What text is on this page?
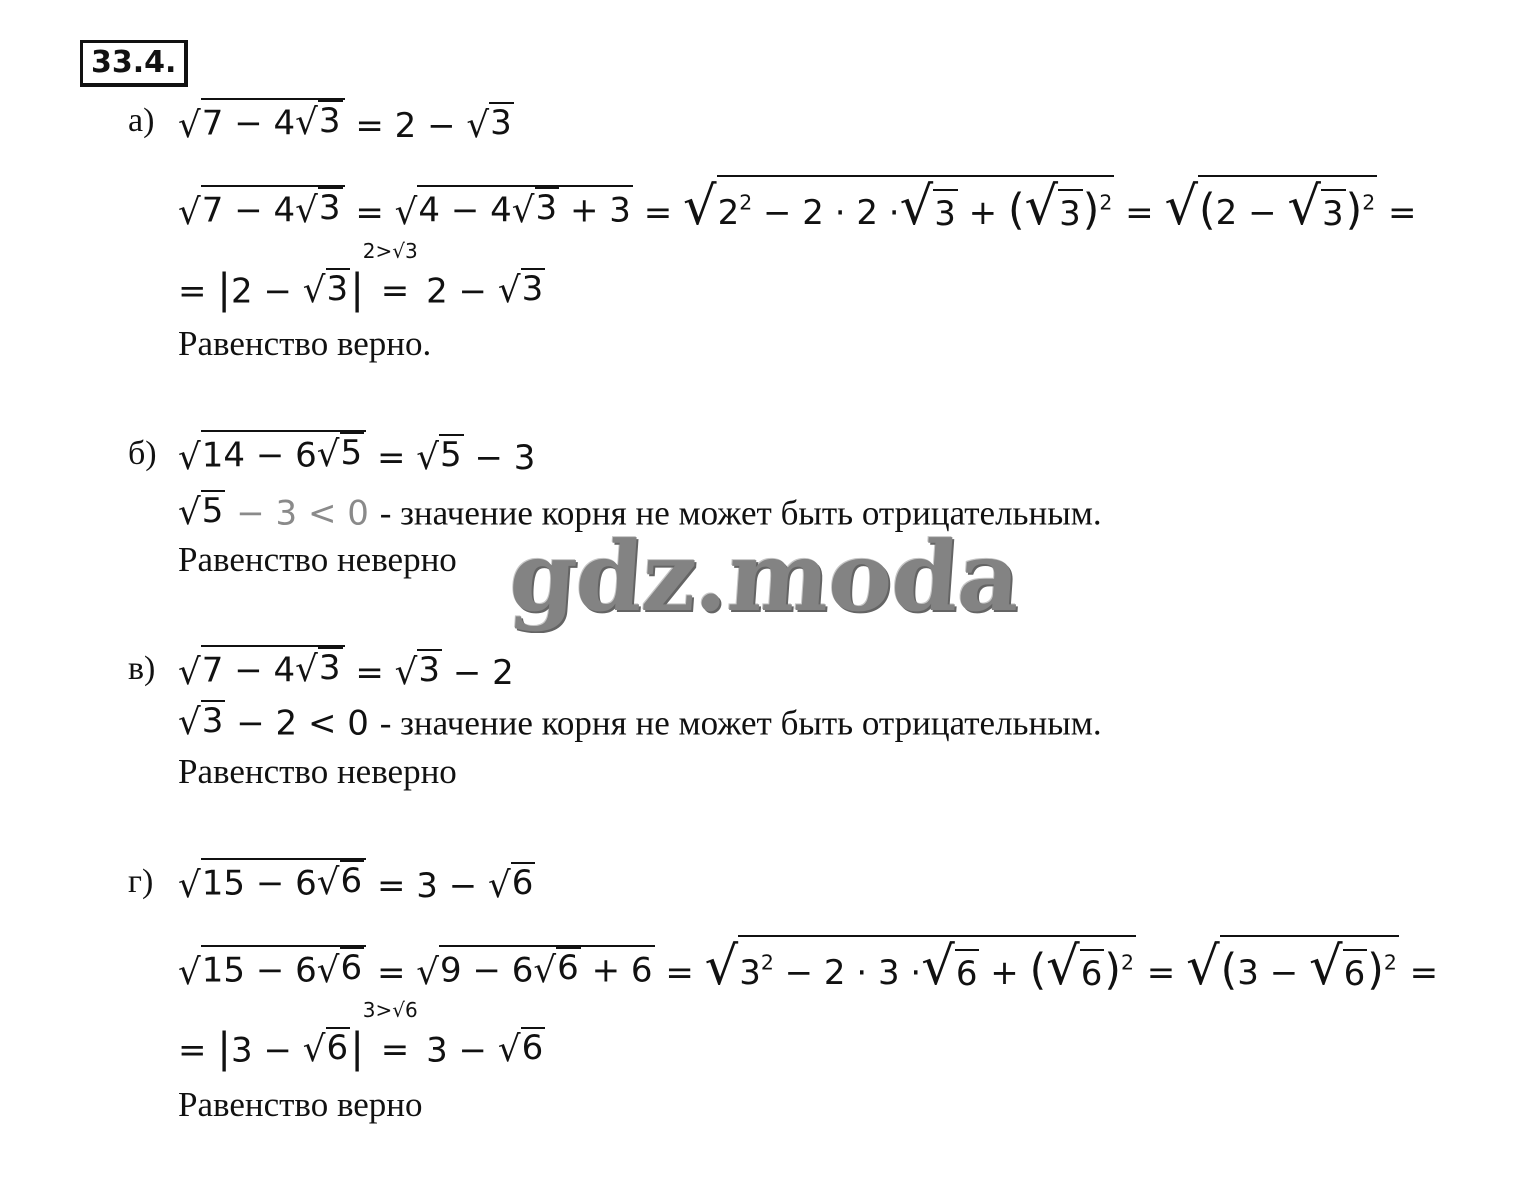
33.4.
а) √ 7 − 4 √ 3 = 2 − √ 3
√ 7 − 4 √ 3 = √ 4 − 4 √ 3 + 3 = √ $2^2 - 2 \cdot 2$ · √ 3 + ( √ 3 )$^2$ = √ (2 − √ 3 )$^2$ =
= |2 − √ 3 |
2>√3
= 2 − √ 3
Равенство верно.
б) √ 14 − 6 √ 5 = √ 5 − 3
√ 5 − 3 < 0 - значение корня не может быть отрицательным.
Равенство неверно gdz.moda
в) √ 7 − 4 √ 3 = √ 3 − 2
√ 3 − 2 < 0 - значение корня не может быть отрицательным.
Равенство неверно
г) √ 15 − 6 √ 6 = 3 − √ 6
√ 15 − 6 √ 6 = √ 9 − 6 √ 6 + 6 = √ $3^2 - 2 \cdot 3$ · √ 6 + ( √ 6 )$^2$ = √ (3 − √ 6 )$^2$ =
= |3 − √ 6 |
3>√6
= 3 − √ 6
Равенство верно
